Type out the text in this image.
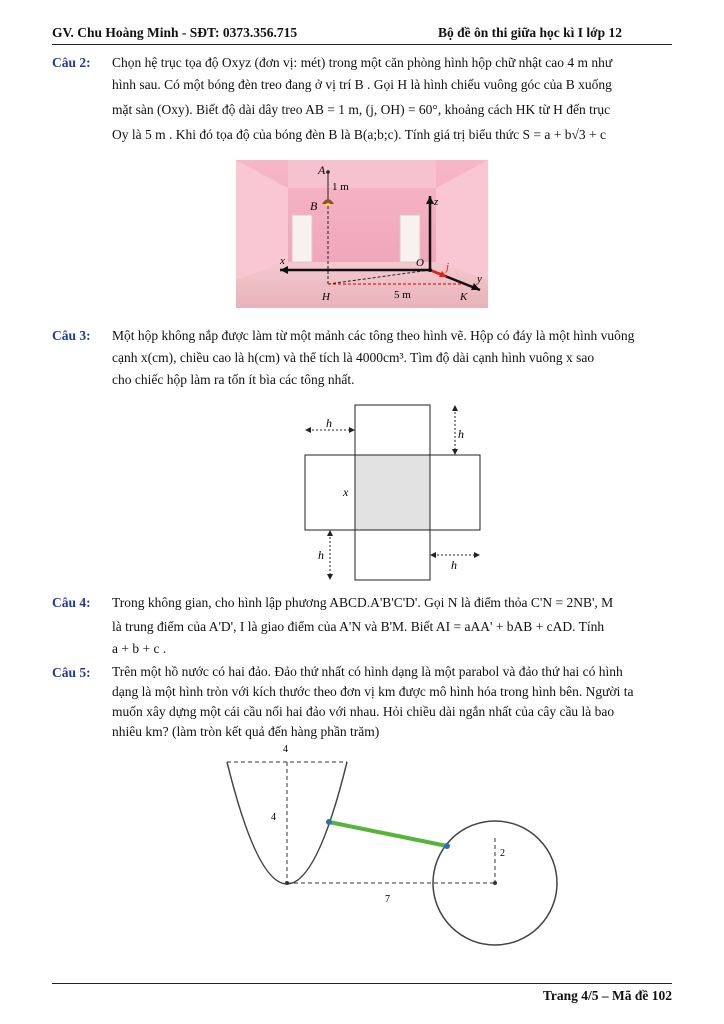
GV. Chu Hoàng Minh - SĐT: 0373.356.715	Bộ đề ôn thi giữa học kì I lớp 12
Câu 2: Chọn hệ trục tọa độ Oxyz (đơn vị: mét) trong một căn phòng hình hộp chữ nhật cao 4 m như
hình sau. Có một bóng đèn treo đang ở vị trí B . Gọi H là hình chiếu vuông góc của B xuống
mặt sàn (Oxy). Biết độ dài dây treo AB = 1 m, (j, OH) = 60°, khoảng cách HK từ H đến trục
Oy là 5 m . Khi đó tọa độ của bóng đèn B là B(a;b;c). Tính giá trị biểu thức S = a + b√3 + c
A
B
1 m
z
x	O j
y
H	K
5 m
Câu 3: Một hộp không nắp được làm từ một mảnh các tông theo hình vẽ. Hộp có đáy là một hình vuông
cạnh x(cm), chiều cao là h(cm) và thể tích là 4000cm³. Tìm độ dài cạnh hình vuông x sao
cho chiếc hộp làm ra tốn ít bìa các tông nhất.
h
h
h
h
x
Câu 4: Trong không gian, cho hình lập phương ABCD.A'B'C'D'. Gọi N là điểm thỏa C'N = 2NB', M
là trung điểm của A'D', I là giao điểm của A'N và B'M. Biết AI = aAA' + bAB + cAD. Tính
a + b + c .
Câu 5: Trên một hồ nước có hai đảo. Đảo thứ nhất có hình dạng là một parabol và đảo thứ hai có hình
dạng là một hình tròn với kích thước theo đơn vị km được mô hình hóa trong hình bên. Người ta
muốn xây dựng một cái cầu nối hai đảo với nhau. Hỏi chiều dài ngắn nhất của cây cầu là bao
nhiêu km? (làm tròn kết quả đến hàng phần trăm)
4
4
2
7
Trang 4/5 – Mã đề 102
